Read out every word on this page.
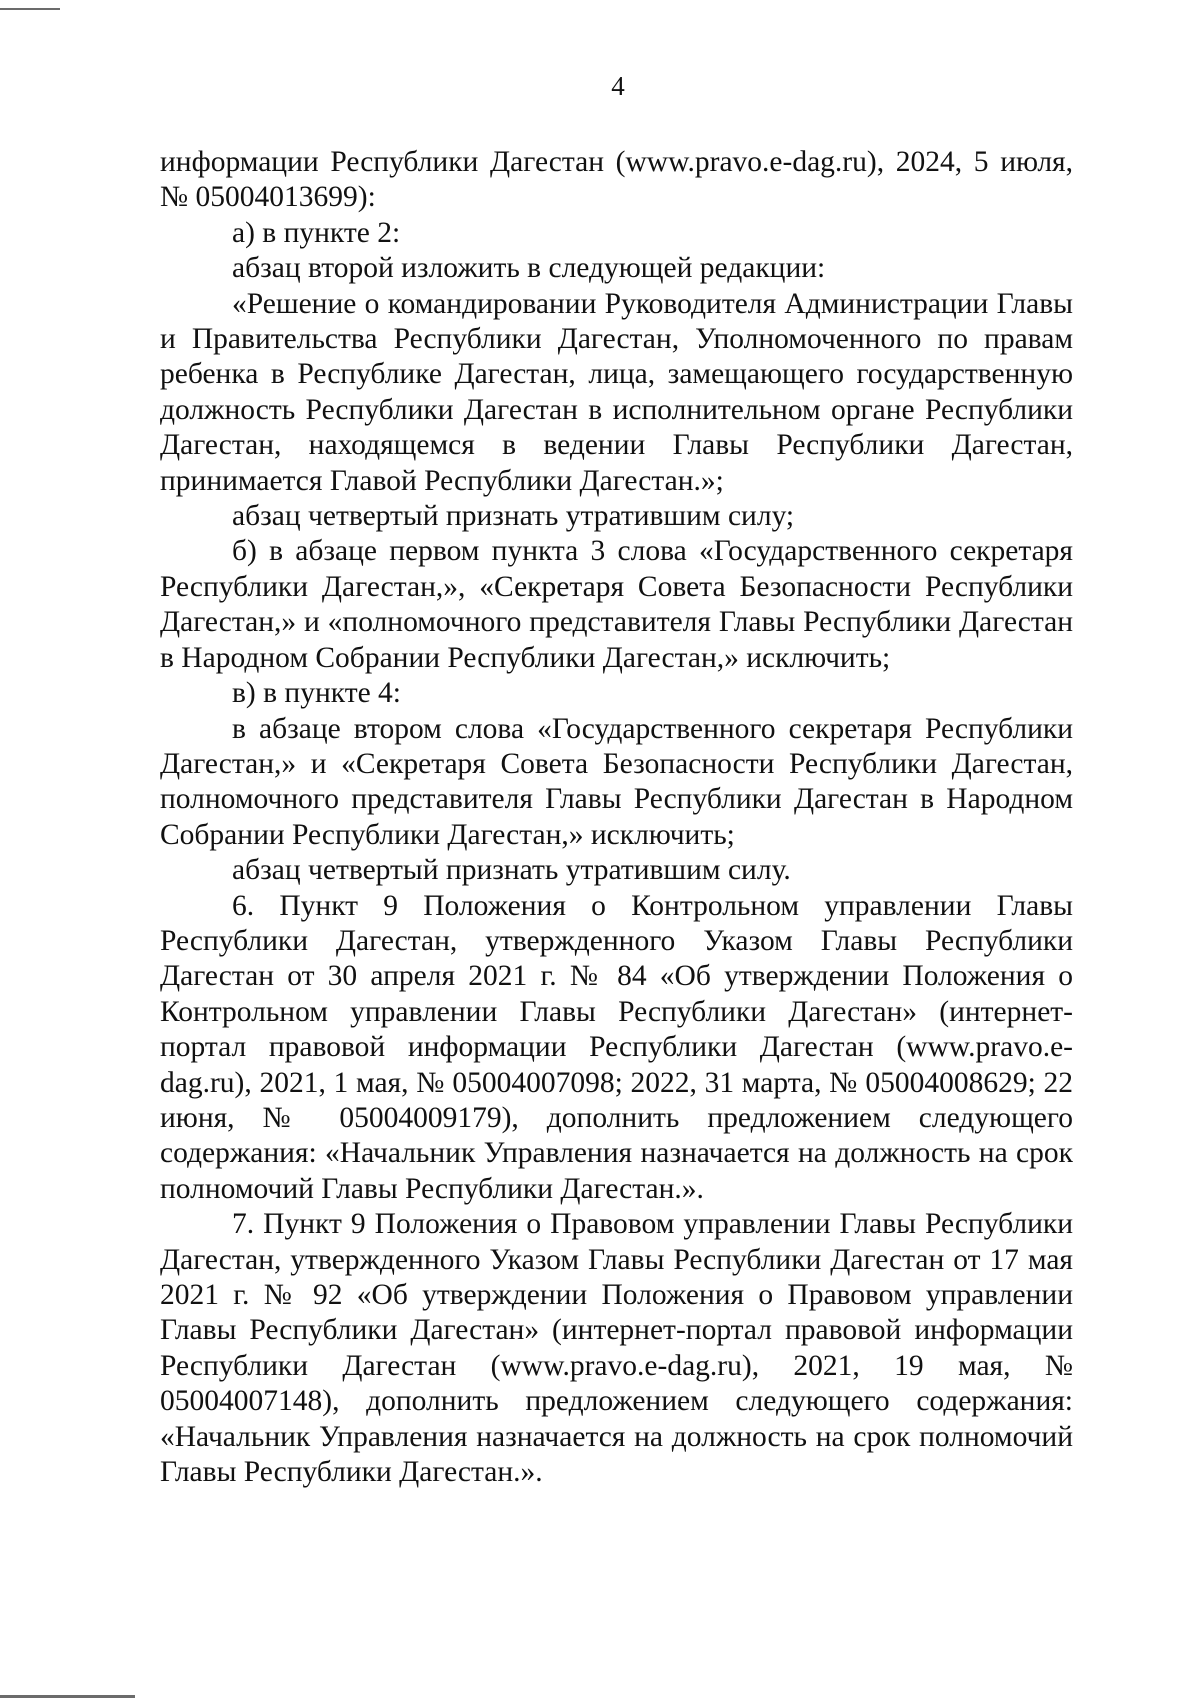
4

информации Республики Дагестан (www.pravo.e-dag.ru), 2024, 5 июля, № 05004013699):

а) в пункте 2:

абзац второй изложить в следующей редакции:

«Решение о командировании Руководителя Администрации Главы и Правительства Республики Дагестан, Уполномоченного по правам ребенка в Республике Дагестан, лица, замещающего государственную должность Республики Дагестан в исполнительном органе Республики Дагестан, находящемся в ведении Главы Республики Дагестан, принимается Главой Республики Дагестан.»;

абзац четвертый признать утратившим силу;

б) в абзаце первом пункта 3 слова «Государственного секретаря Республики Дагестан,», «Секретаря Совета Безопасности Республики Дагестан,» и «полномочного представителя Главы Республики Дагестан в Народном Собрании Республики Дагестан,» исключить;

в) в пункте 4:

в абзаце втором слова «Государственного секретаря Республики Дагестан,» и «Секретаря Совета Безопасности Республики Дагестан, полномочного представителя Главы Республики Дагестан в Народном Собрании Республики Дагестан,» исключить;

абзац четвертый признать утратившим силу.

6. Пункт 9 Положения о Контрольном управлении Главы Республики Дагестан, утвержденного Указом Главы Республики Дагестан от 30 апреля 2021 г. № 84 «Об утверждении Положения о Контрольном управлении Главы Республики Дагестан» (интернет-портал правовой информации Республики Дагестан (www.pravo.e-dag.ru), 2021, 1 мая, № 05004007098; 2022, 31 марта, № 05004008629; 22 июня, № 05004009179), дополнить предложением следующего содержания: «Начальник Управления назначается на должность на срок полномочий Главы Республики Дагестан.».

7. Пункт 9 Положения о Правовом управлении Главы Республики Дагестан, утвержденного Указом Главы Республики Дагестан от 17 мая 2021 г. № 92 «Об утверждении Положения о Правовом управлении Главы Республики Дагестан» (интернет-портал правовой информации Республики Дагестан (www.pravo.e-dag.ru), 2021, 19 мая, № 05004007148), дополнить предложением следующего содержания: «Начальник Управления назначается на должность на срок полномочий Главы Республики Дагестан.».
